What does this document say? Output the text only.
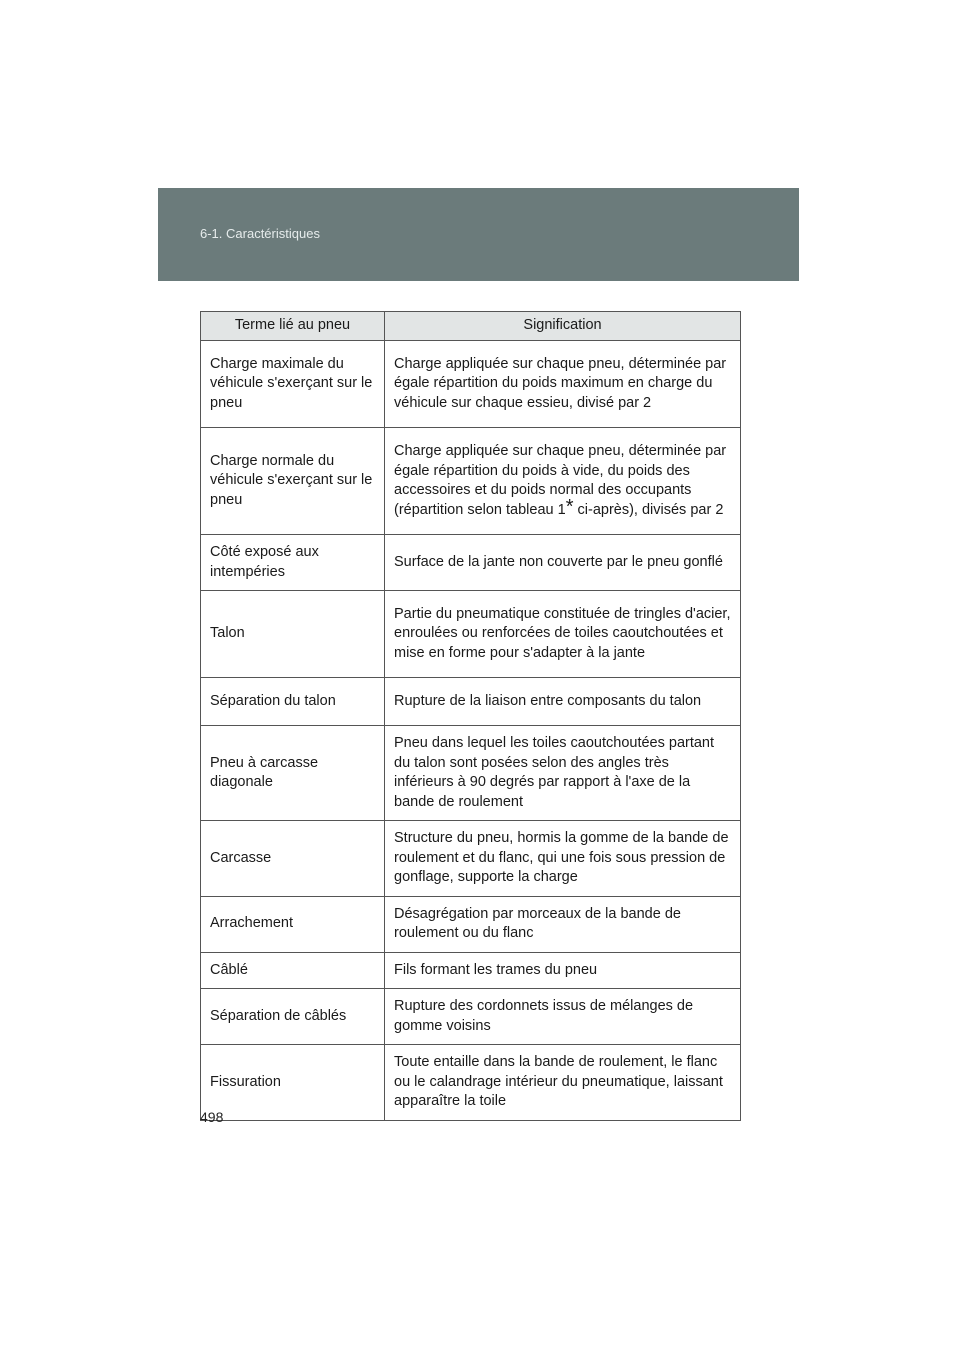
6-1. Caractéristiques
Terme lié au pneu	Signification
Charge maximale du véhicule s'exerçant sur le pneu	Charge appliquée sur chaque pneu, déterminée par égale répartition du poids maximum en charge du véhicule sur chaque essieu, divisé par 2
Charge normale du véhicule s'exerçant sur le pneu	Charge appliquée sur chaque pneu, déterminée par égale répartition du poids à vide, du poids des accessoires et du poids normal des occupants (répartition selon tableau 1* ci-après), divisés par 2
Côté exposé aux intempéries	Surface de la jante non couverte par le pneu gonflé
Talon	Partie du pneumatique constituée de tringles d'acier, enroulées ou renforcées de toiles caoutchoutées et mise en forme pour s'adapter à la jante
Séparation du talon	Rupture de la liaison entre composants du talon
Pneu à carcasse diagonale	Pneu dans lequel les toiles caoutchoutées partant du talon sont posées selon des angles très inférieurs à 90 degrés par rapport à l'axe de la bande de roulement
Carcasse	Structure du pneu, hormis la gomme de la bande de roulement et du flanc, qui une fois sous pression de gonflage, supporte la charge
Arrachement	Désagrégation par morceaux de la bande de roulement ou du flanc
Câblé	Fils formant les trames du pneu
Séparation de câblés	Rupture des cordonnets issus de mélanges de gomme voisins
Fissuration	Toute entaille dans la bande de roulement, le flanc ou le calandrage intérieur du pneumatique, laissant apparaître la toile
498
